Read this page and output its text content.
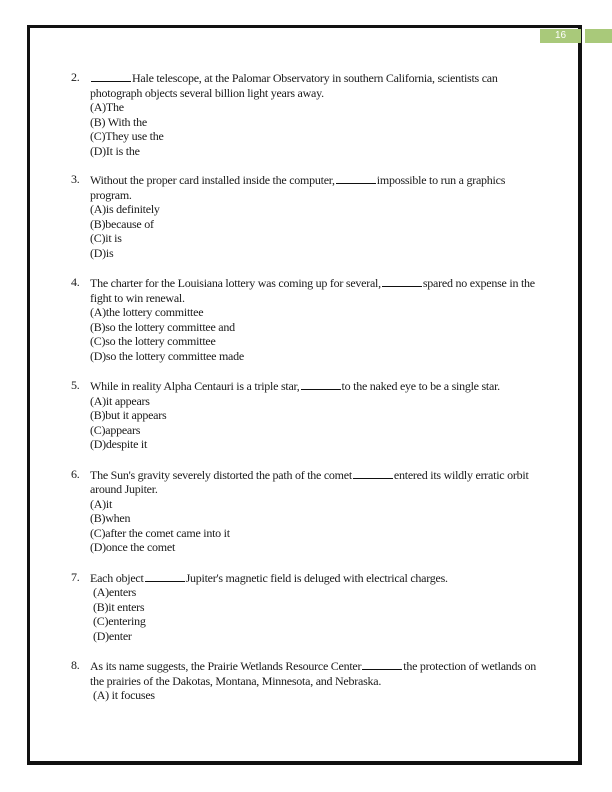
16
2.	Hale telescope, at the Palomar Observatory in southern California, scientists can photograph objects several billion light years away.
(A)The
(B) With the
(C)They use the
(D)It is the
3. Without the proper card installed inside the computer,	impossible to run a graphics program.
(A)is definitely
(B)because of
(C)it is
(D)is
4. The charter for the Louisiana lottery was coming up for several,	spared no expense in the fight to win renewal.
(A)the lottery committee
(B)so the lottery committee and
(C)so the lottery committee
(D)so the lottery committee made
5. While in reality Alpha Centauri is a triple star,	to the naked eye to be a single star.
(A)it appears
(B)but it appears
(C)appears
(D)despite it
6. The Sun's gravity severely distorted the path of the comet	entered its wildly erratic orbit around Jupiter.
(A)it
(B)when
(C)after the comet came into it
(D)once the comet
7. Each object	Jupiter's magnetic field is deluged with electrical charges.
(A)enters
(B)it enters
(C)entering
(D)enter
8. As its name suggests, the Prairie Wetlands Resource Center	the protection of wetlands on the prairies of the Dakotas, Montana, Minnesota, and Nebraska.
(A) it focuses
